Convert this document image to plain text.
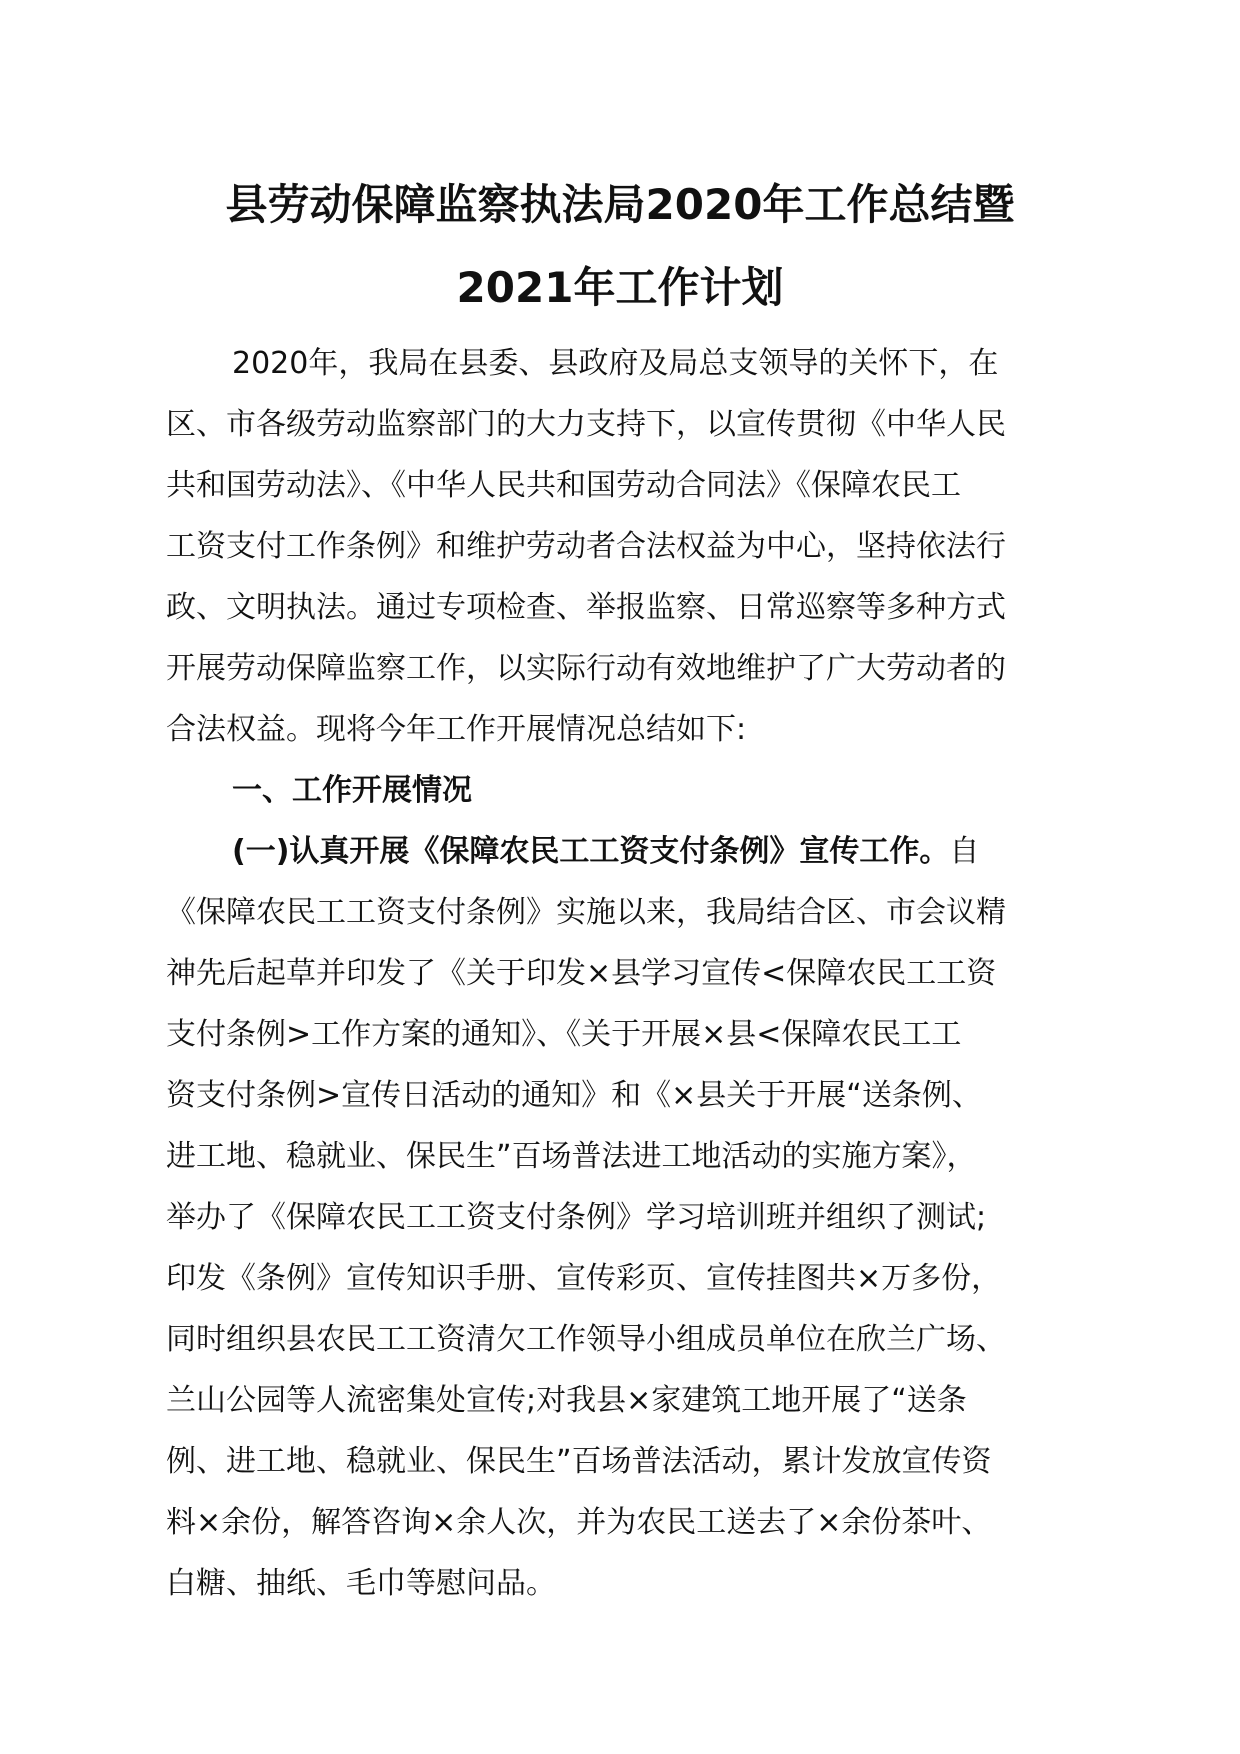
县劳动保障监察执法局2020年工作总结暨
2021年工作计划
2020年，我局在县委、县政府及局总支领导的关怀下，在
区、市各级劳动监察部门的大力支持下，以宣传贯彻《中华人民
共和国劳动法》、《中华人民共和国劳动合同法》《保障农民工
工资支付工作条例》和维护劳动者合法权益为中心，坚持依法行
政、文明执法。通过专项检查、举报监察、日常巡察等多种方式
开展劳动保障监察工作，以实际行动有效地维护了广大劳动者的
合法权益。现将今年工作开展情况总结如下:
一、工作开展情况
(一)认真开展《保障农民工工资支付条例》宣传工作。自
《保障农民工工资支付条例》实施以来，我局结合区、市会议精
神先后起草并印发了《关于印发×县学习宣传<保障农民工工资
支付条例>工作方案的通知》、《关于开展×县<保障农民工工
资支付条例>宣传日活动的通知》和《×县关于开展“送条例、
进工地、稳就业、保民生”百场普法进工地活动的实施方案》，
举办了《保障农民工工资支付条例》学习培训班并组织了测试;
印发《条例》宣传知识手册、宣传彩页、宣传挂图共×万多份，
同时组织县农民工工资清欠工作领导小组成员单位在欣兰广场、
兰山公园等人流密集处宣传;对我县×家建筑工地开展了“送条
例、进工地、稳就业、保民生”百场普法活动，累计发放宣传资
料×余份，解答咨询×余人次，并为农民工送去了×余份茶叶、
白糖、抽纸、毛巾等慰问品。
